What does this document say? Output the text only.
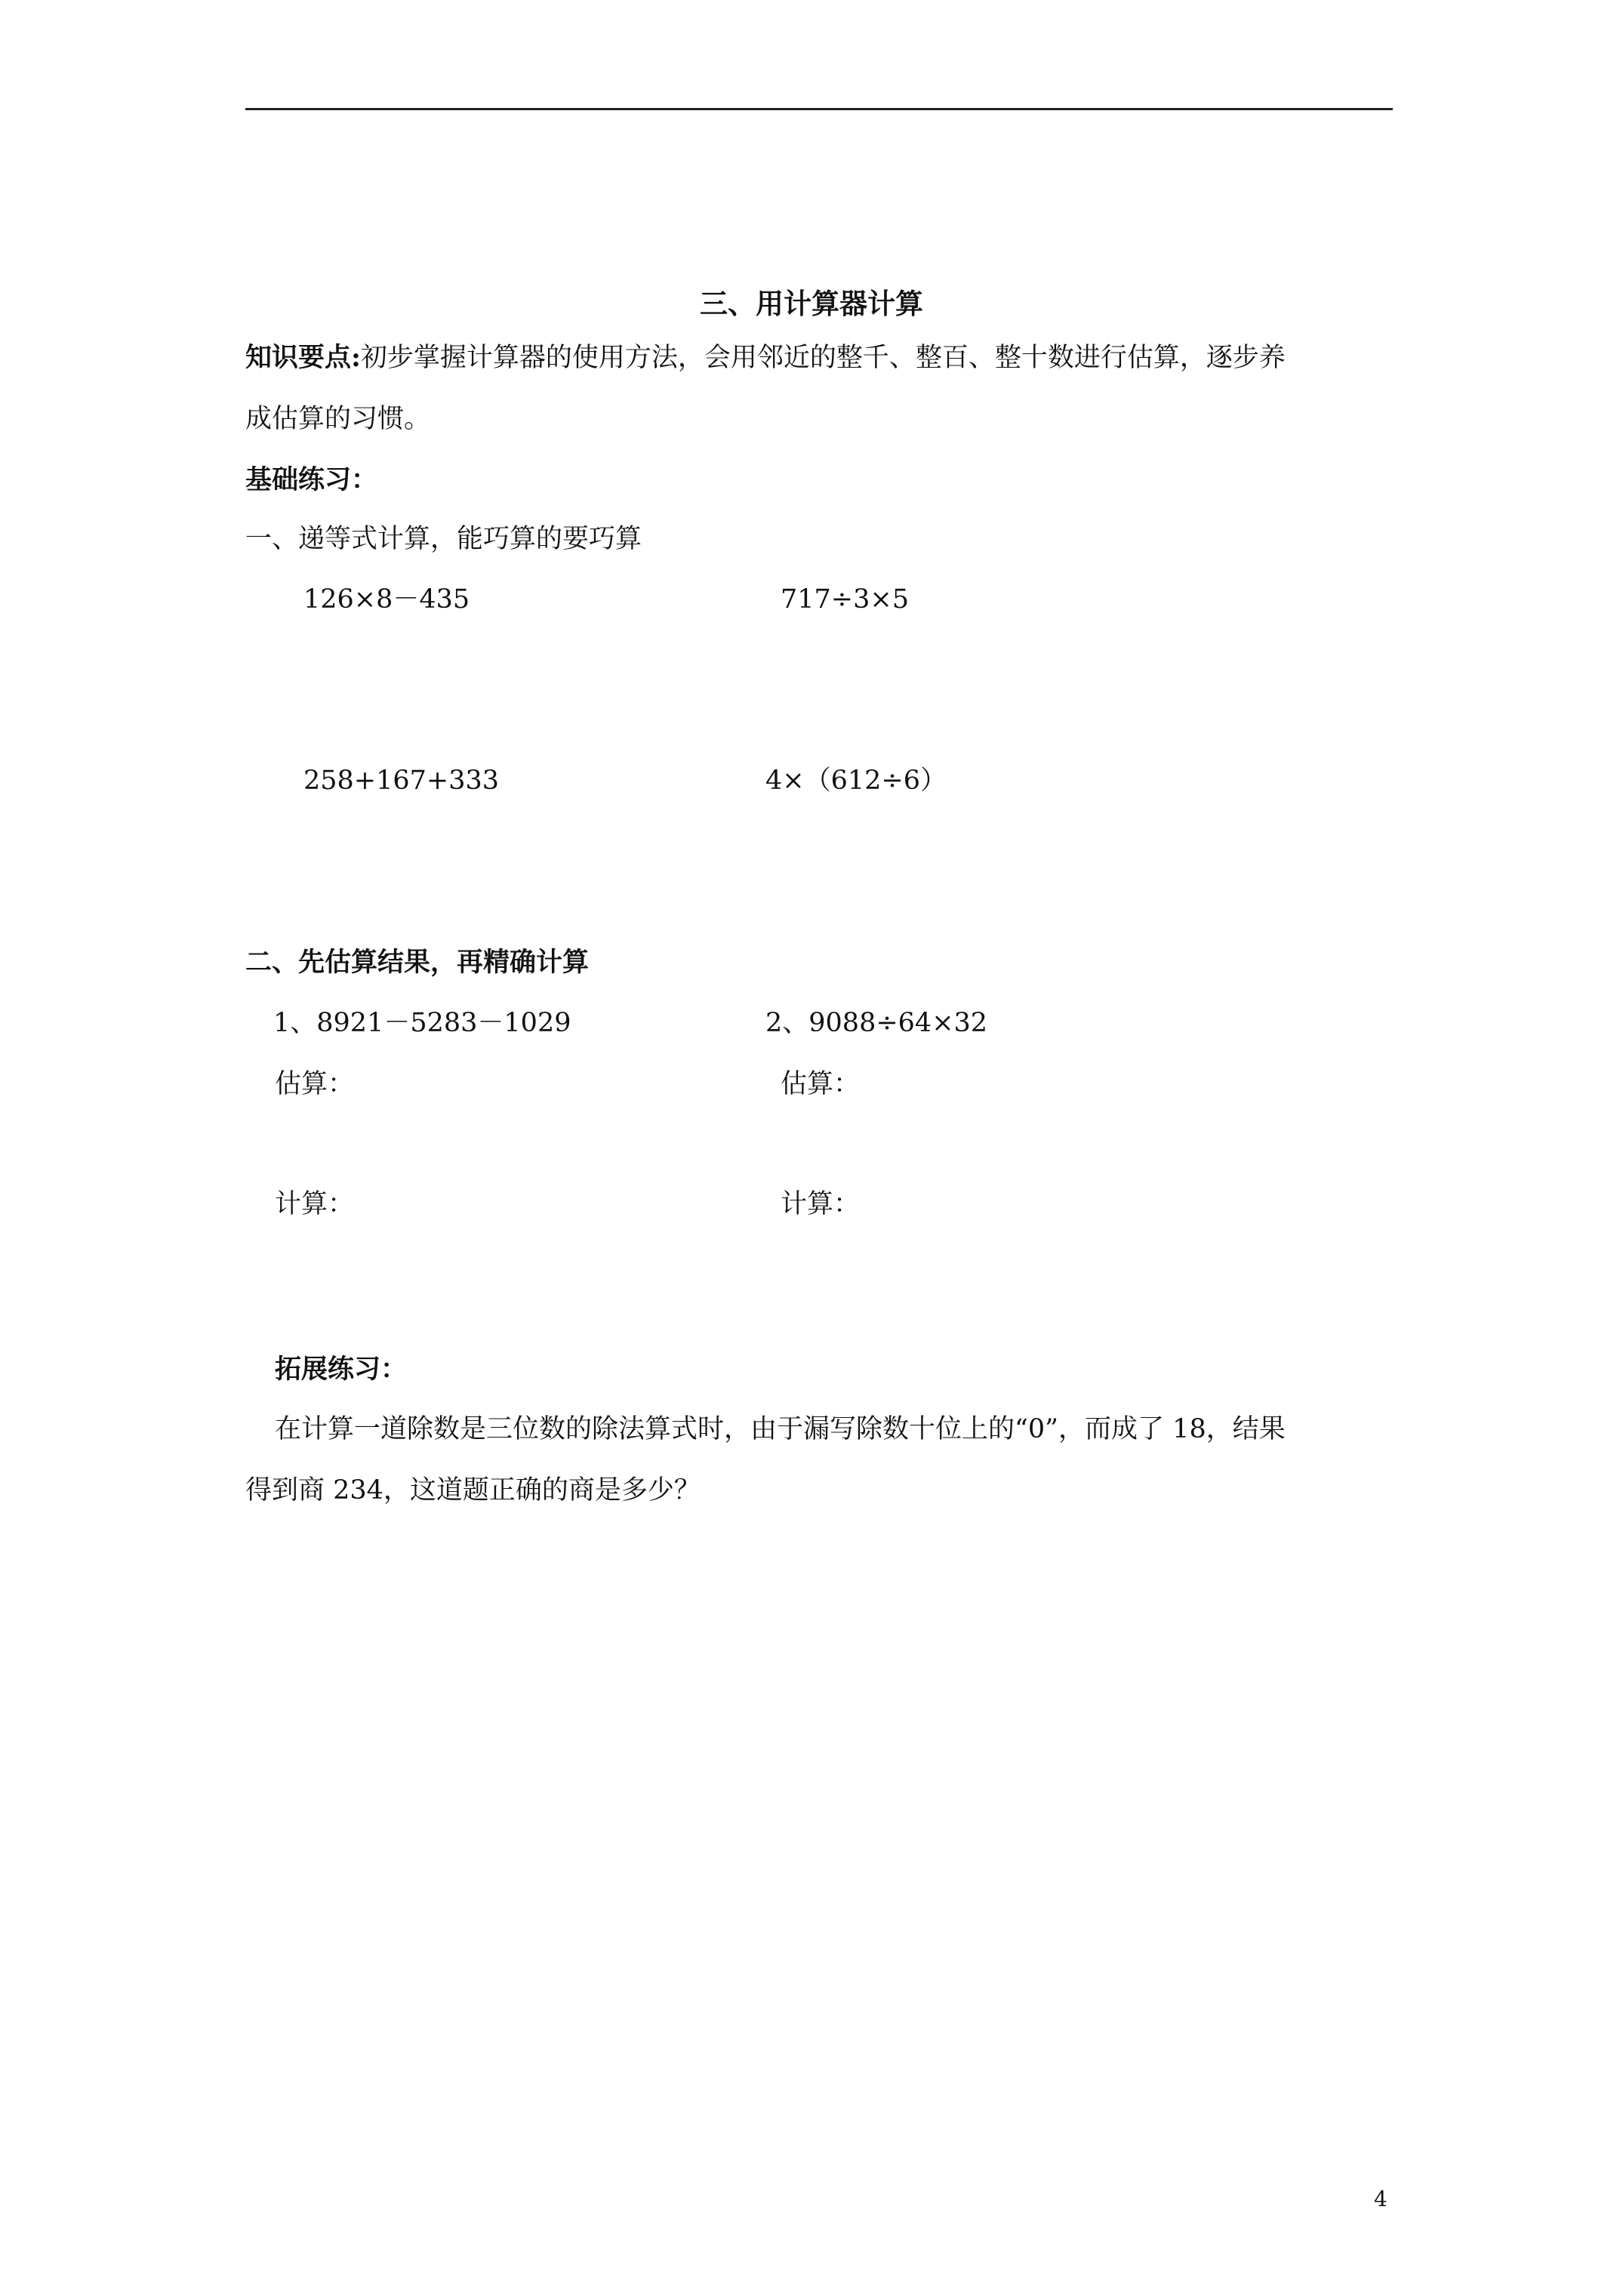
三、用计算器计算
知识要点:初步掌握计算器的使用方法，会用邻近的整千、整百、整十数进行估算，逐步养
成估算的习惯。
基础练习：
一、递等式计算，能巧算的要巧算
126×8－435	717÷3×5
258+167+333	4×（612÷6）
二、先估算结果，再精确计算
1、8921－5283－1029	2、9088÷64×32
估算：	估算：
计算：	计算：
拓展练习：
在计算一道除数是三位数的除法算式时，由于漏写除数十位上的“0”，而成了 18，结果
得到商 234，这道题正确的商是多少？
4
